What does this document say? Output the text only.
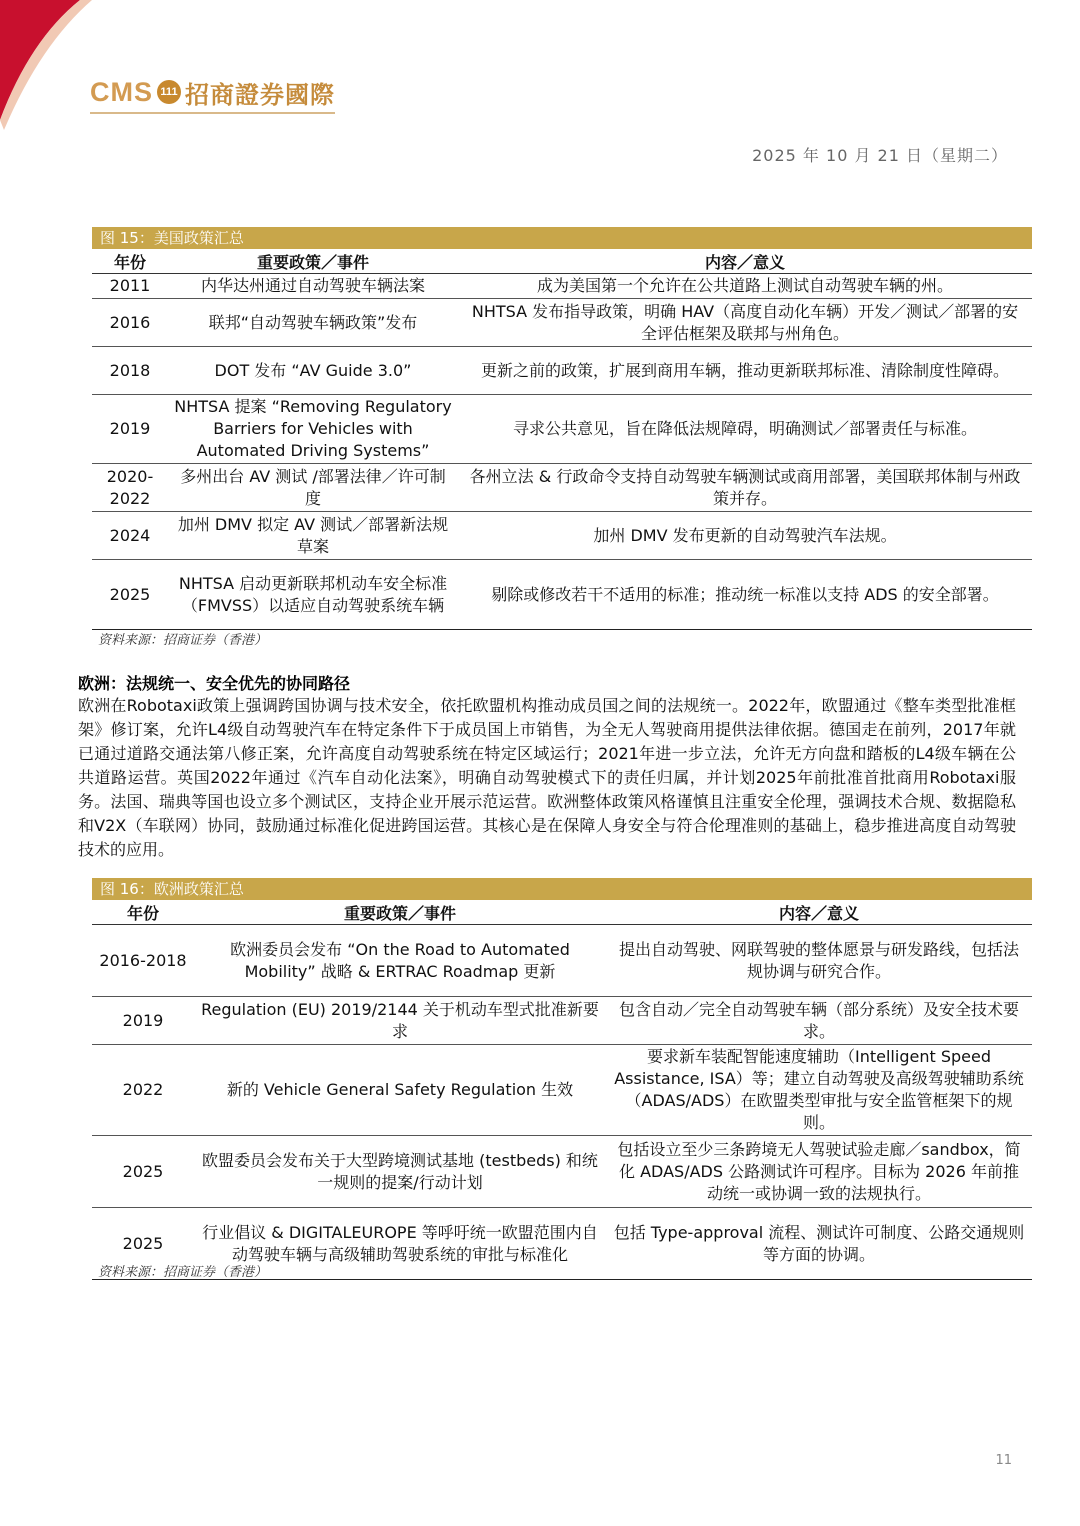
CMS 111 招商證券國際
2025 年 10 月 21 日（星期二）
图 15：美国政策汇总
年份	重要政策／事件	内容／意义
2011	内华达州通过自动驾驶车辆法案	成为美国第一个允许在公共道路上测试自动驾驶车辆的州。
2016	联邦“自动驾驶车辆政策”发布	NHTSA 发布指导政策，明确 HAV（高度自动化车辆）开发／测试／部署的安全评估框架及联邦与州角色。
2018	DOT 发布 “AV Guide 3.0”	更新之前的政策，扩展到商用车辆，推动更新联邦标准、清除制度性障碍。
2019	NHTSA 提案 “Removing Regulatory Barriers for Vehicles with Automated Driving Systems”	寻求公共意见，旨在降低法规障碍，明确测试／部署责任与标准。
2020-2022	多州出台 AV 测试 /部署法律／许可制度	各州立法 & 行政命令支持自动驾驶车辆测试或商用部署，美国联邦体制与州政策并存。
2024	加州 DMV 拟定 AV 测试／部署新法规草案	加州 DMV 发布更新的自动驾驶汽车法规。
2025	NHTSA 启动更新联邦机动车安全标准（FMVSS）以适应自动驾驶系统车辆	剔除或修改若干不适用的标准；推动统一标准以支持 ADS 的安全部署。
资料来源：招商证券（香港）
欧洲：法规统一、安全优先的协同路径
欧洲在Robotaxi政策上强调跨国协调与技术安全，依托欧盟机构推动成员国之间的法规统一。2022年，欧盟通过《整车类型批准框架》修订案，允许L4级自动驾驶汽车在特定条件下于成员国上市销售，为全无人驾驶商用提供法律依据。德国走在前列，2017年就已通过道路交通法第八修正案，允许高度自动驾驶系统在特定区域运行；2021年进一步立法，允许无方向盘和踏板的L4级车辆在公共道路运营。英国2022年通过《汽车自动化法案》，明确自动驾驶模式下的责任归属，并计划2025年前批准首批商用Robotaxi服务。法国、瑞典等国也设立多个测试区，支持企业开展示范运营。欧洲整体政策风格谨慎且注重安全伦理，强调技术合规、数据隐私和V2X（车联网）协同，鼓励通过标准化促进跨国运营。其核心是在保障人身安全与符合伦理准则的基础上，稳步推进高度自动驾驶技术的应用。
图 16：欧洲政策汇总
年份	重要政策／事件	内容／意义
2016-2018	欧洲委员会发布 “On the Road to Automated Mobility” 战略 & ERTRAC Roadmap 更新	提出自动驾驶、网联驾驶的整体愿景与研发路线，包括法规协调与研究合作。
2019	Regulation (EU) 2019/2144 关于机动车型式批准新要求	包含自动／完全自动驾驶车辆（部分系统）及安全技术要求。
2022	新的 Vehicle General Safety Regulation 生效	要求新车装配智能速度辅助（Intelligent Speed Assistance, ISA）等；建立自动驾驶及高级驾驶辅助系统（ADAS/ADS）在欧盟类型审批与安全监管框架下的规则。
2025	欧盟委员会发布关于大型跨境测试基地 (testbeds) 和统一规则的提案/行动计划	包括设立至少三条跨境无人驾驶试验走廊／sandbox，简化 ADAS/ADS 公路测试许可程序。目标为 2026 年前推动统一或协调一致的法规执行。
2025	行业倡议 & DIGITALEUROPE 等呼吁统一欧盟范围内自动驾驶车辆与高级辅助驾驶系统的审批与标准化	包括 Type-approval 流程、测试许可制度、公路交通规则等方面的协调。
资料来源：招商证券（香港）
11
